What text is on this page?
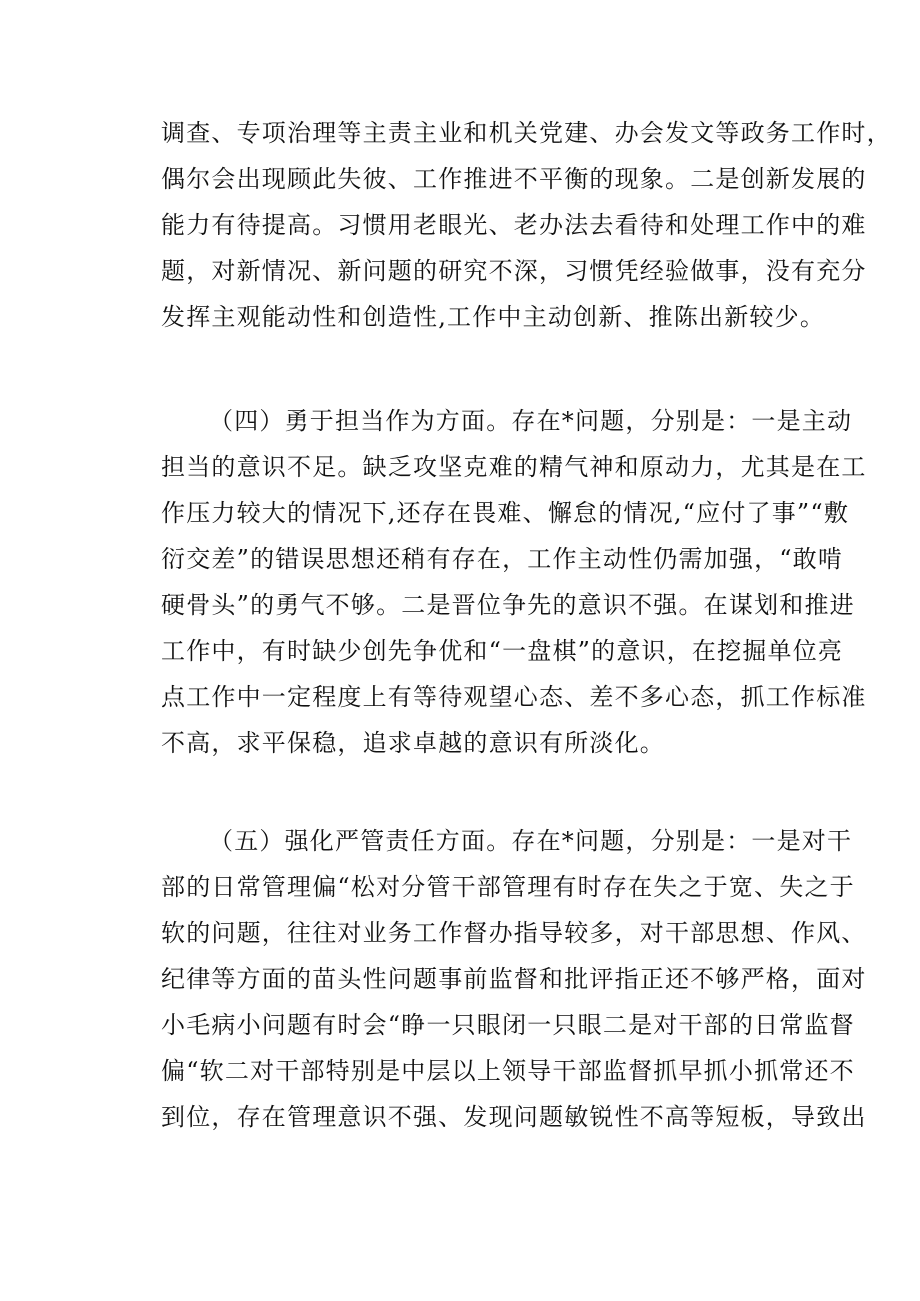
调查、专项治理等主责主业和机关党建、办会发文等政务工作时，
偶尔会出现顾此失彼、工作推进不平衡的现象。二是创新发展的
能力有待提高。习惯用老眼光、老办法去看待和处理工作中的难
题，对新情况、新问题的研究不深，习惯凭经验做事，没有充分
发挥主观能动性和创造性,工作中主动创新、推陈出新较少。
（四）勇于担当作为方面。存在*问题，分别是：一是主动
担当的意识不足。缺乏攻坚克难的精气神和原动力，尤其是在工
作压力较大的情况下,还存在畏难、懈怠的情况,“应付了事”“敷
衍交差”的错误思想还稍有存在，工作主动性仍需加强，“敢啃
硬骨头”的勇气不够。二是晋位争先的意识不强。在谋划和推进
工作中，有时缺少创先争优和“一盘棋”的意识，在挖掘单位亮
点工作中一定程度上有等待观望心态、差不多心态，抓工作标准
不高，求平保稳，追求卓越的意识有所淡化。
（五）强化严管责任方面。存在*问题，分别是：一是对干
部的日常管理偏“松对分管干部管理有时存在失之于宽、失之于
软的问题，往往对业务工作督办指导较多，对干部思想、作风、
纪律等方面的苗头性问题事前监督和批评指正还不够严格，面对
小毛病小问题有时会“睁一只眼闭一只眼二是对干部的日常监督
偏“软二对干部特别是中层以上领导干部监督抓早抓小抓常还不
到位，存在管理意识不强、发现问题敏锐性不高等短板，导致出
